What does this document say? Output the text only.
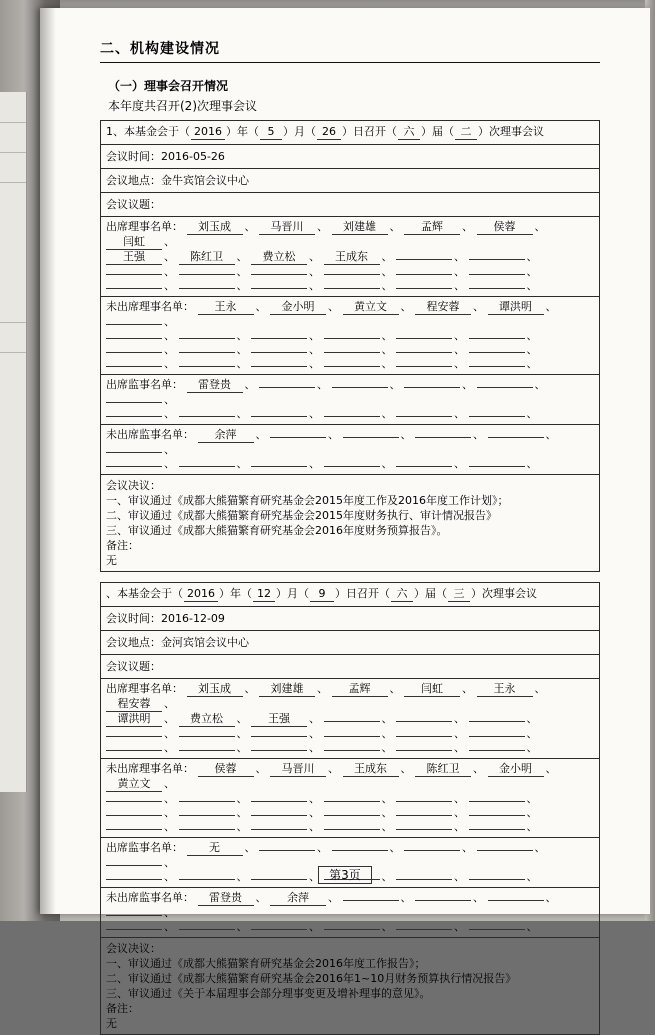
二、机构建设情况
（一）理事会召开情况
本年度共召开(2)次理事会议
1、本基金会于（ 2016 ）年（ 5 ）月（ 26 ）日召开（ 六 ）届（ 二 ）次理事会议
会议时间：2016-05-26
会议地点：金牛宾馆会议中心
会议议题：
出席理事名单： 刘玉成 、 马晋川 、 刘建雄 、 孟辉 、 侯蓉 、 闫虹 、
王强 、 陈红卫 、 费立松 、 王成东 、	、	、
、	、	、	、	、	、
、	、	、	、	、	、
未出席理事名单： 王永 、 金小明 、 黄立文 、 程安蓉 、 谭洪明 、 、
、	、	、	、	、	、
、	、	、	、	、	、
、	、	、	、	、	、
出席监事名单： 雷登贵 、	、	、	、	、 、
、	、	、	、	、	、
未出席监事名单： 余萍 、	、	、	、	、 、
、	、	、	、	、	、

会议决议：
一、审议通过《成都大熊猫繁育研究基金会2015年度工作及2016年度工作计划》；
二、审议通过《成都大熊猫繁育研究基金会2015年度财务执行、审计情况报告》
三、审议通过《成都大熊猫繁育研究基金会2016年度财务预算报告》。
备注：
无
、本基金会于（ 2016 ）年（ 12 ）月（ 9 ）日召开（ 六 ）届（ 三 ）次理事会议
会议时间：2016-12-09
会议地点：金河宾馆会议中心
会议议题：
出席理事名单： 刘玉成 、 刘建雄 、 孟辉 、 闫虹 、 王永 、 程安蓉 、
谭洪明 、 费立松 、 王强 、	、	、	、
、	、	、	、	、	、
、	、	、	、	、	、
未出席理事名单： 侯蓉 、 马晋川 、 王成东 、 陈红卫 、 金小明 、 黄立文 、
、	、	、	、	、	、
、	、	、	、	、	、
、	、	、	、	、	、
出席监事名单： 无 、	、	、	、	、 、
、	、	、	、	、	、
未出席监事名单： 雷登贵 、 余萍 、	、	、	、 、
、	、	、	、	、	、

会议决议：
一、审议通过《成都大熊猫繁育研究基金会2016年度工作报告》；
二、审议通过《成都大熊猫繁育研究基金会2016年1~10月财务预算执行情况报告》
三、审议通过《关于本届理事会部分理事变更及增补理事的意见》。
备注：
无
第3页
